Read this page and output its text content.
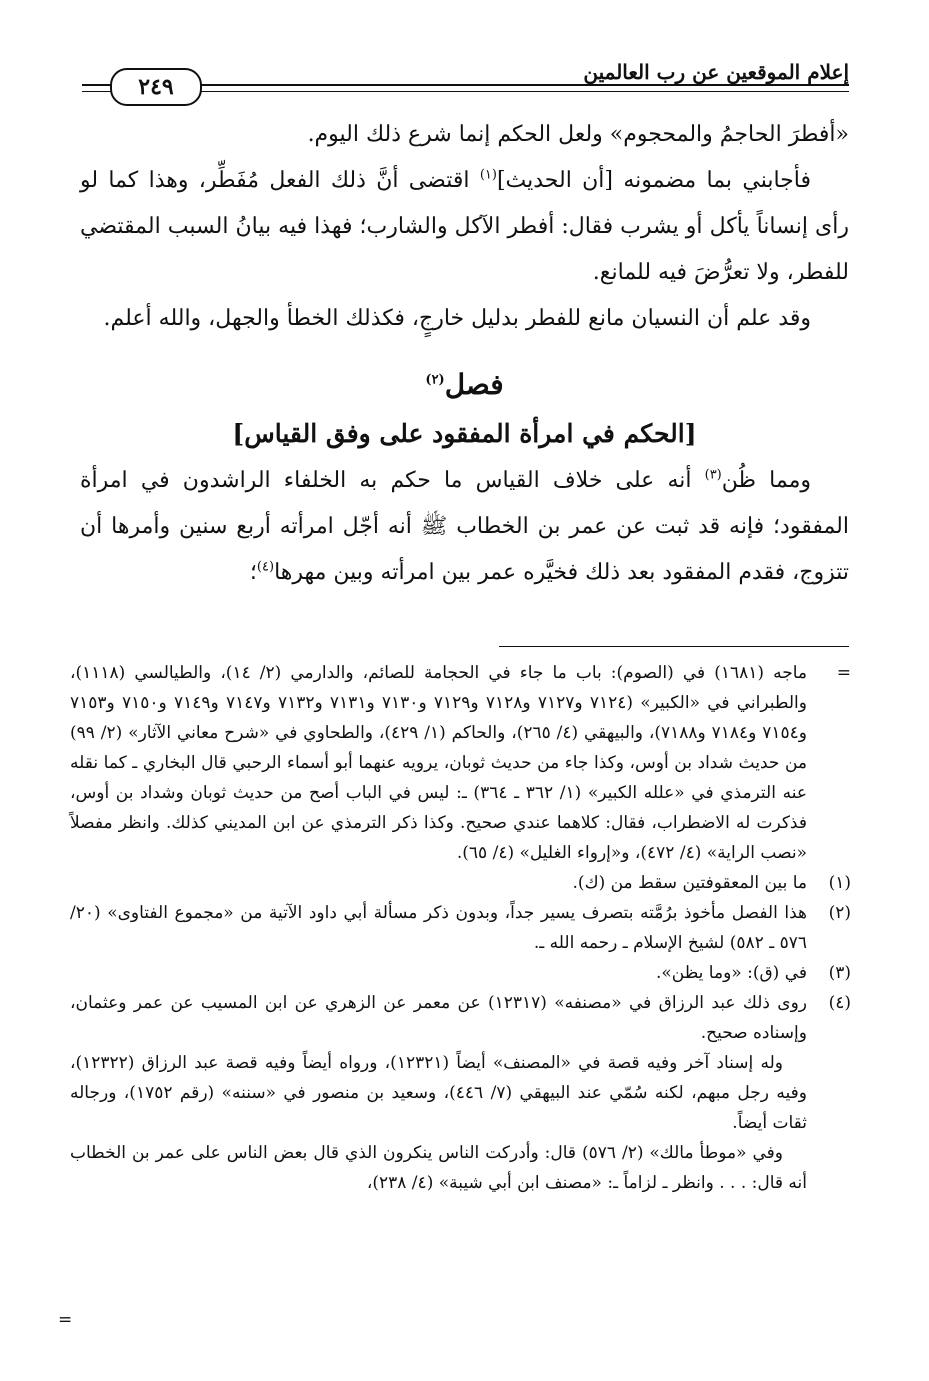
إعلام الموقعين عن رب العالمين
٢٤٩

«أفطرَ الحاجمُ والمحجوم» ولعل الحكم إنما شرع ذلك اليوم.

فأجابني بما مضمونه [أن الحديث]$^{(١)}$ اقتضى أنَّ ذلك الفعل مُفَطِّر، وهذا كما لو رأى إنساناً يأكل أو يشرب فقال: أفطر الآكل والشارب؛ فهذا فيه بيانُ السبب المقتضي للفطر، ولا تعرُّضَ فيه للمانع.

وقد علم أن النسيان مانع للفطر بدليل خارجٍ، فكذلك الخطأ والجهل، والله أعلم.

فصل$^{(٢)}$
[الحكم في امرأة المفقود على وفق القياس]

ومما ظُن$^{(٣)}$ أنه على خلاف القياس ما حكم به الخلفاء الراشدون في امرأة المفقود؛ فإنه قد ثبت عن عمر بن الخطاب ﷺ أنه أجّل امرأته أربع سنين وأمرها أن تتزوج، فقدم المفقود بعد ذلك فخيَّره عمر بين امرأته وبين مهرها$^{(٤)}$؛

=
ماجه (١٦٨١) في (الصوم): باب ما جاء في الحجامة للصائم، والدارمي (٢/ ١٤)، والطيالسي (١١١٨)، والطبراني في «الكبير» (٧١٢٤ و٧١٢٧ و٧١٢٨ و٧١٢٩ و٧١٣٠ و٧١٣١ و٧١٣٢ و٧١٤٧ و٧١٤٩ و٧١٥٠ و٧١٥٣ و٧١٥٤ و٧١٨٤ و٧١٨٨)، والبيهقي (٤/ ٢٦٥)، والحاكم (١/ ٤٢٩)، والطحاوي في «شرح معاني الآثار» (٢/ ٩٩) من حديث شداد بن أوس، وكذا جاء من حديث ثوبان، يرويه عنهما أبو أسماء الرحبي قال البخاري ـ كما نقله عنه الترمذي في «علله الكبير» (١/ ٣٦٢ ـ ٣٦٤) ـ: ليس في الباب أصح من حديث ثوبان وشداد بن أوس، فذكرت له الاضطراب، فقال: كلاهما عندي صحيح. وكذا ذكر الترمذي عن ابن المديني كذلك. وانظر مفصلاً «نصب الراية» (٤/ ٤٧٢)، و«إرواء الغليل» (٤/ ٦٥).
(١)
ما بين المعقوفتين سقط من (ك).
(٢)
هذا الفصل مأخوذ برُمَّته بتصرف يسير جداً، وبدون ذكر مسألة أبي داود الآتية من «مجموع الفتاوى» (٢٠/ ٥٧٦ ـ ٥٨٢) لشيخ الإسلام ـ رحمه الله ـ.
(٣)
في (ق): «وما يظن».
(٤)
روى ذلك عبد الرزاق في «مصنفه» (١٢٣١٧) عن معمر عن الزهري عن ابن المسيب عن عمر وعثمان، وإسناده صحيح.
وله إسناد آخر وفيه قصة في «المصنف» أيضاً (١٢٣٢١)، ورواه أيضاً وفيه قصة عبد الرزاق (١٢٣٢٢)، وفيه رجل مبهم، لكنه سُمّي عند البيهقي (٧/ ٤٤٦)، وسعيد بن منصور في «سننه» (رقم ١٧٥٢)، ورجاله ثقات أيضاً.
وفي «موطأ مالك» (٢/ ٥٧٦) قال: وأدركت الناس ينكرون الذي قال بعض الناس على عمر بن الخطاب أنه قال: . . . وانظر ـ لزاماً ـ: «مصنف ابن أبي شيبة» (٤/ ٢٣٨)،
=
